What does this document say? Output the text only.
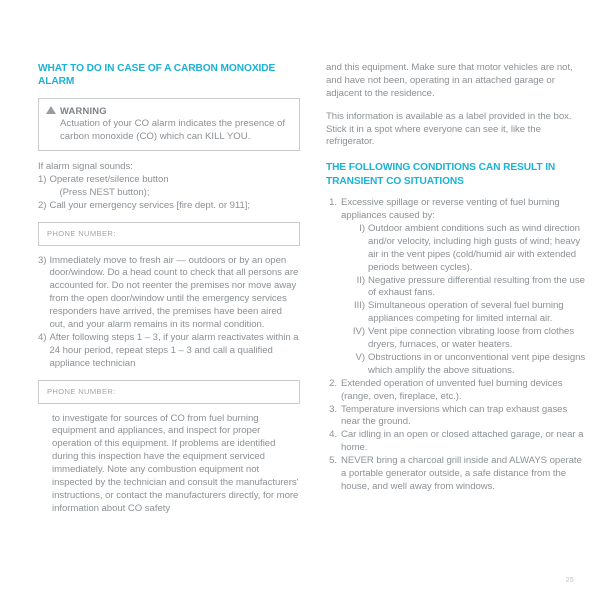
WHAT TO DO IN CASE OF A CARBON MONOXIDE ALARM
WARNING
Actuation of your CO alarm indicates the presence of carbon monoxide (CO) which can KILL YOU.

If alarm signal sounds:

1) Operate reset/silence button
(Press NEST button);
2) Call your emergency services [fire dept. or 911];
PHONE NUMBER:
3) Immediately move to fresh air — outdoors or by an open door/window. Do a head count to check that all persons are accounted for. Do not reenter the premises nor move away from the open door/window until the emergency services responders have arrived, the premises have been aired out, and your alarm remains in its normal condition.
4) After following steps 1 – 3, if your alarm reactivates within a 24 hour period, repeat steps 1 – 3 and call a qualified appliance technician
PHONE NUMBER:

to investigate for sources of CO from fuel burning equipment and appliances, and inspect for proper operation of this equipment. If problems are identified during this inspection have the equipment serviced immediately. Note any combustion equipment not inspected by the technician and consult the manufacturers' instructions, or contact the manufacturers directly, for more information about CO safety

and this equipment. Make sure that motor vehicles are not, and have not been, operating in an attached garage or adjacent to the residence.

This information is available as a label provided in the box. Stick it in a spot where everyone can see it, like the refrigerator.

THE FOLLOWING CONDITIONS CAN RESULT IN TRANSIENT CO SITUATIONS
1. Excessive spillage or reverse venting of fuel burning appliances caused by:
I) Outdoor ambient conditions such as wind direction and/or velocity, including high gusts of wind; heavy air in the vent pipes (cold/humid air with extended periods between cycles).
II) Negative pressure differential resulting from the use of exhaust fans.
III) Simultaneous operation of several fuel burning appliances competing for limited internal air.
IV) Vent pipe connection vibrating loose from clothes dryers, furnaces, or water heaters.
V) Obstructions in or unconventional vent pipe designs which amplify the above situations.
2. Extended operation of unvented fuel burning devices (range, oven, fireplace, etc.).
3. Temperature inversions which can trap exhaust gases near the ground.
4. Car idling in an open or closed attached garage, or near a home.
5. NEVER bring a charcoal grill inside and ALWAYS operate a portable generator outside, a safe distance from the house, and well away from windows.
25
